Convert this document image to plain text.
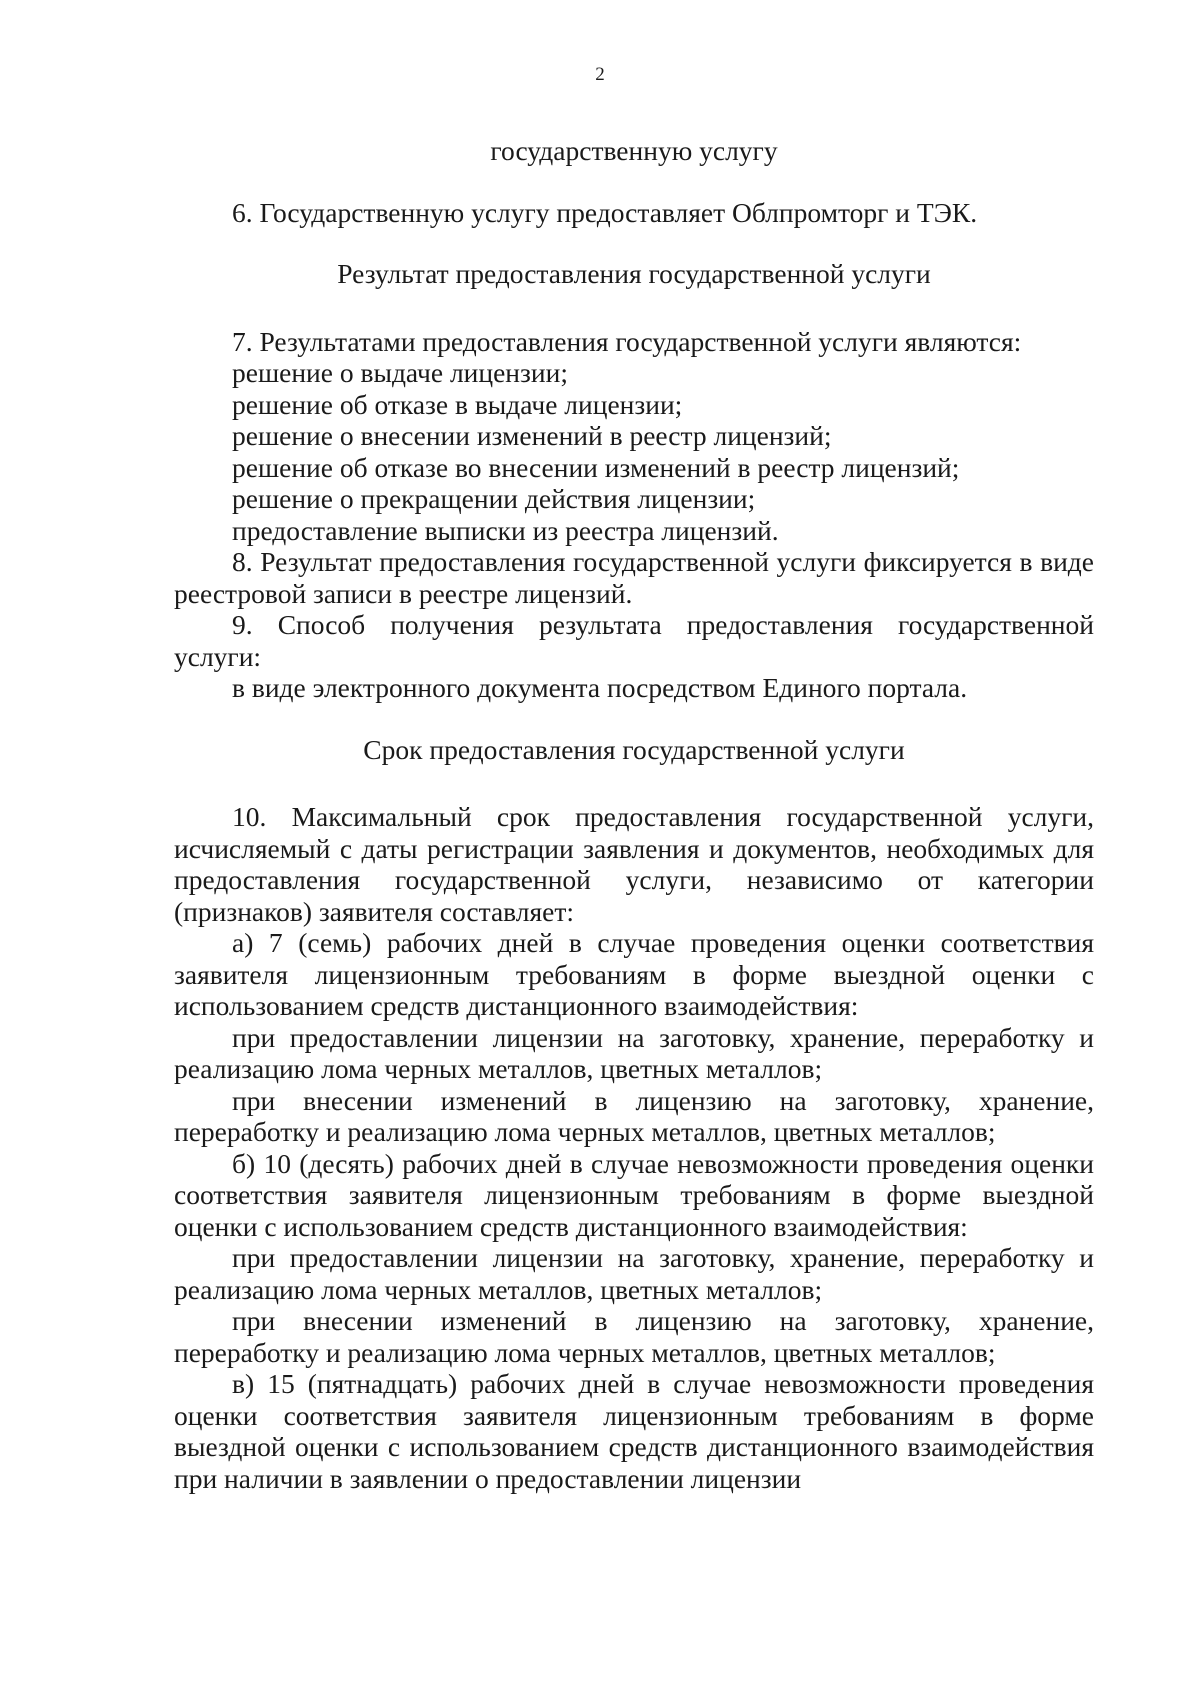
2

государственную услугу

6. Государственную услугу предоставляет Облпромторг и ТЭК.

Результат предоставления государственной услуги

7. Результатами предоставления государственной услуги являются:

решение о выдаче лицензии;

решение об отказе в выдаче лицензии;

решение о внесении изменений в реестр лицензий;

решение об отказе во внесении изменений в реестр лицензий;

решение о прекращении действия лицензии;

предоставление выписки из реестра лицензий.

8. Результат предоставления государственной услуги фиксируется в виде реестровой записи в реестре лицензий.

9. Способ получения результата предоставления государственной услуги:

в виде электронного документа посредством Единого портала.

Срок предоставления государственной услуги

10. Максимальный срок предоставления государственной услуги, исчисляемый с даты регистрации заявления и документов, необходимых для предоставления государственной услуги, независимо от категории (признаков) заявителя составляет:

а) 7 (семь) рабочих дней в случае проведения оценки соответствия заявителя лицензионным требованиям в форме выездной оценки с использованием средств дистанционного взаимодействия:

при предоставлении лицензии на заготовку, хранение, переработку и реализацию лома черных металлов, цветных металлов;

при внесении изменений в лицензию на заготовку, хранение, переработку и реализацию лома черных металлов, цветных металлов;

б) 10 (десять) рабочих дней в случае невозможности проведения оценки соответствия заявителя лицензионным требованиям в форме выездной оценки с использованием средств дистанционного взаимодействия:

при предоставлении лицензии на заготовку, хранение, переработку и реализацию лома черных металлов, цветных металлов;

при внесении изменений в лицензию на заготовку, хранение, переработку и реализацию лома черных металлов, цветных металлов;

в) 15 (пятнадцать) рабочих дней в случае невозможности проведения оценки соответствия заявителя лицензионным требованиям в форме выездной оценки с использованием средств дистанционного взаимодействия при наличии в заявлении о предоставлении лицензии
